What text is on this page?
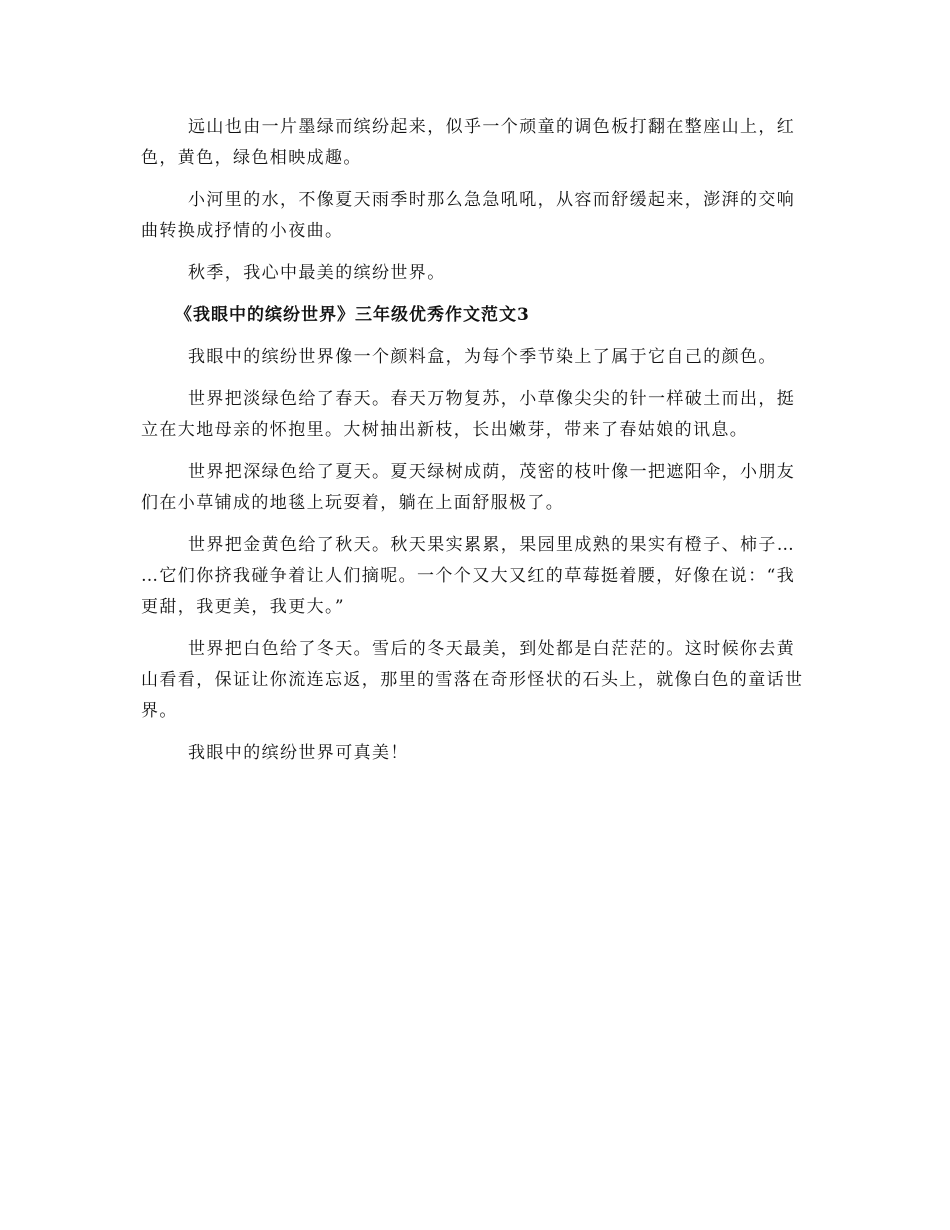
远山也由一片墨绿而缤纷起来，似乎一个顽童的调色板打翻在整座山上，红
色，黄色，绿色相映成趣。

小河里的水，不像夏天雨季时那么急急吼吼，从容而舒缓起来，澎湃的交响
曲转换成抒情的小夜曲。

秋季，我心中最美的缤纷世界。

《我眼中的缤纷世界》三年级优秀作文范文3

我眼中的缤纷世界像一个颜料盒，为每个季节染上了属于它自己的颜色。

世界把淡绿色给了春天。春天万物复苏，小草像尖尖的针一样破土而出，挺
立在大地母亲的怀抱里。大树抽出新枝，长出嫩芽，带来了春姑娘的讯息。

世界把深绿色给了夏天。夏天绿树成荫，茂密的枝叶像一把遮阳伞，小朋友
们在小草铺成的地毯上玩耍着，躺在上面舒服极了。

世界把金黄色给了秋天。秋天果实累累，果园里成熟的果实有橙子、柿子…
…它们你挤我碰争着让人们摘呢。一个个又大又红的草莓挺着腰，好像在说：“我
更甜，我更美，我更大。”

世界把白色给了冬天。雪后的冬天最美，到处都是白茫茫的。这时候你去黄
山看看，保证让你流连忘返，那里的雪落在奇形怪状的石头上，就像白色的童话世
界。

我眼中的缤纷世界可真美！
